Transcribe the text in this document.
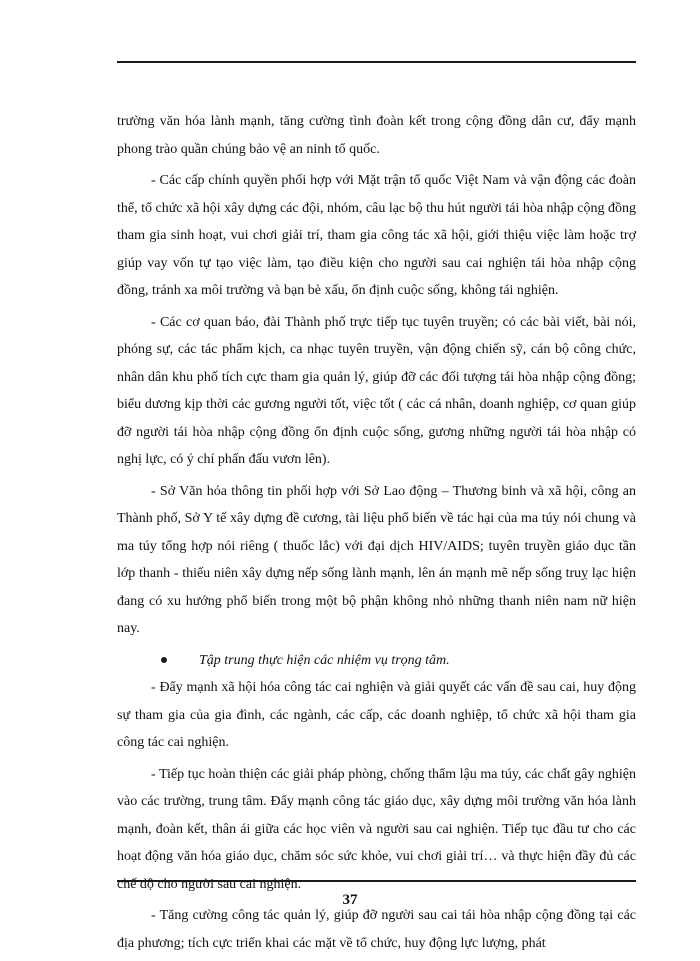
trường văn hóa lành mạnh, tăng cường tình đoàn kết trong cộng đồng dân cư, đẩy mạnh phong trào quần chúng bảo vệ an ninh tổ quốc.

- Các cấp chính quyền phối hợp với Mặt trận tổ quốc Việt Nam và vận động các đoàn thể, tổ chức xã hội xây dựng các đội, nhóm, câu lạc bộ thu hút người tái hòa nhập cộng đồng tham gia sinh hoạt, vui chơi giải trí, tham gia công tác xã hội, giới thiệu việc làm hoặc trợ giúp vay vốn tự tạo việc làm, tạo điều kiện cho người sau cai nghiện tái hòa nhập cộng đồng, tránh xa môi trường và bạn bè xấu, ổn định cuộc sống, không tái nghiện.

- Các cơ quan báo, đài Thành phố trực tiếp tục tuyên truyền; có các bài viết, bài nói, phóng sự, các tác phẩm kịch, ca nhạc tuyên truyền, vận động chiến sỹ, cán bộ công chức, nhân dân khu phố tích cực tham gia quản lý, giúp đỡ các đối tượng tái hòa nhập cộng đồng; biểu dương kịp thời các gương người tốt, việc tốt ( các cá nhân, doanh nghiệp, cơ quan giúp đỡ người tái hòa nhập cộng đồng ổn định cuộc sống, gương những người tái hòa nhập có nghị lực, có ý chí phấn đấu vươn lên).

- Sở Văn hóa thông tin phối hợp với Sở Lao động – Thương binh và xã hội, công an Thành phố, Sở Y tế xây dựng đề cương, tài liệu phổ biến về tác hại của ma túy nói chung và ma túy tổng hợp nói riêng ( thuốc lắc) với đại dịch HIV/AIDS; tuyên truyền giáo dục tần lớp thanh - thiếu niên xây dựng nếp sống lành mạnh, lên án mạnh mẽ nếp sống truỵ lạc hiện đang có xu hướng phổ biến trong một bộ phận không nhỏ những thanh niên nam nữ hiện nay.

Tập trung thực hiện các nhiệm vụ trọng tâm.

- Đẩy mạnh xã hội hóa công tác cai nghiện và giải quyết các vấn đề sau cai, huy động sự tham gia của gia đình, các ngành, các cấp, các doanh nghiệp, tổ chức xã hội tham gia công tác cai nghiện.

- Tiếp tục hoàn thiện các giải pháp phòng, chống thẩm lậu ma túy, các chất gây nghiện vào các trường, trung tâm. Đẩy mạnh công tác giáo dục, xây dựng môi trường văn hóa lành mạnh, đoàn kết, thân ái giữa các học viên và người sau cai nghiện. Tiếp tục đầu tư cho các hoạt động văn hóa giáo dục, chăm sóc sức khỏe, vui chơi giải trí… và thực hiện đầy đủ các chế độ cho người sau cai nghiện.

- Tăng cường công tác quản lý, giúp đỡ người sau cai tái hòa nhập cộng đồng tại các địa phương; tích cực triển khai các mặt về tổ chức, huy động lực lượng, phát

37
